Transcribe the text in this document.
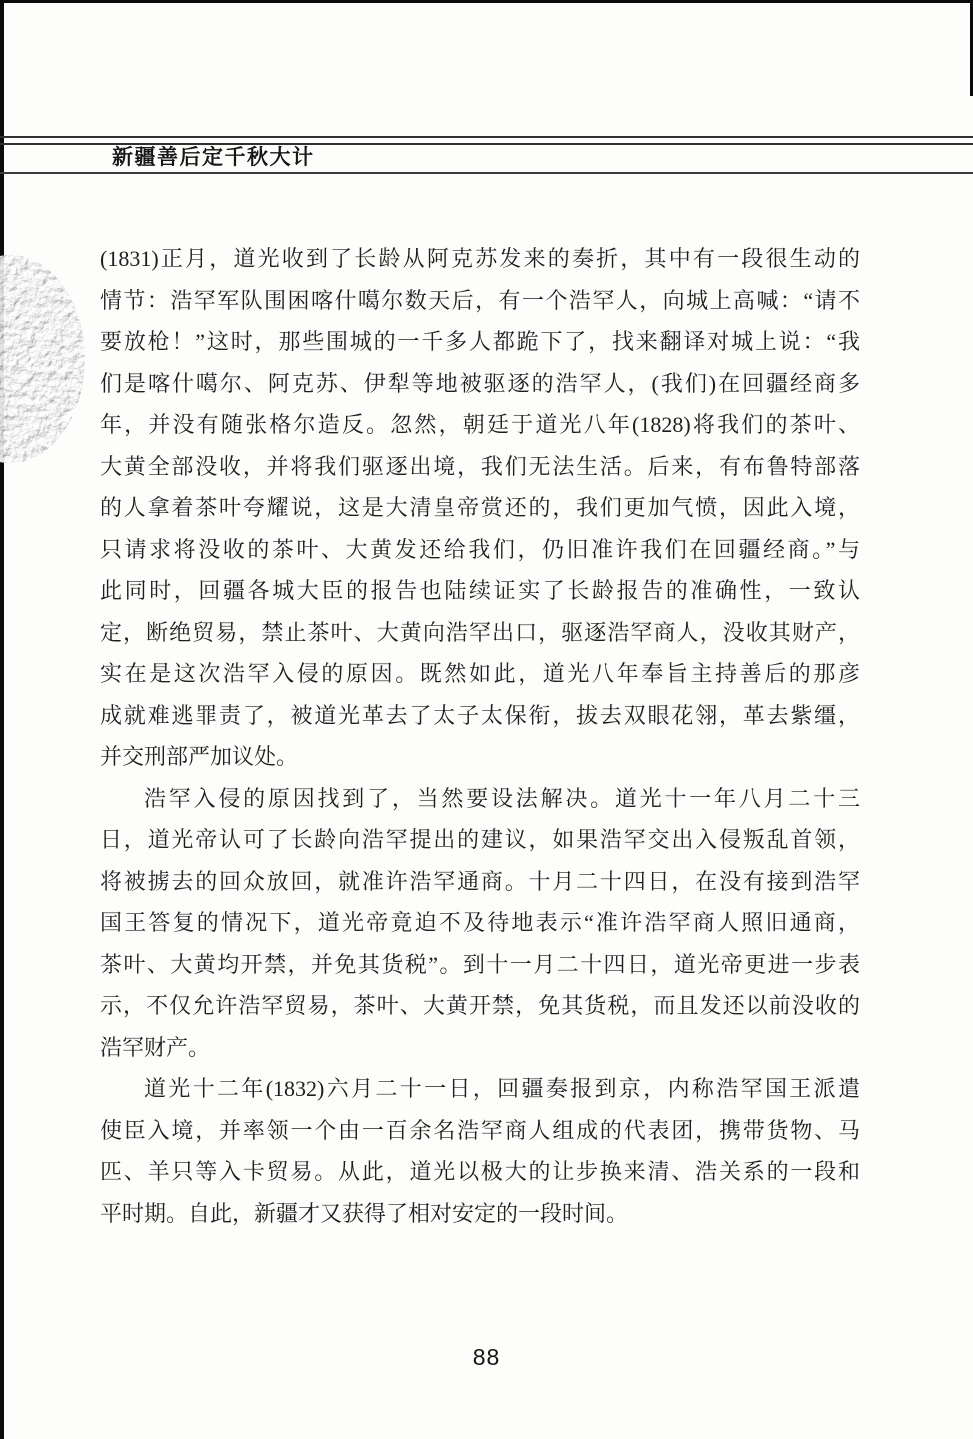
新疆善后定千秋大计
(1831)正月，道光收到了长龄从阿克苏发来的奏折，其中有一段很生动的
情节：浩罕军队围困喀什噶尔数天后，有一个浩罕人，向城上高喊：“请不
要放枪！”这时，那些围城的一千多人都跪下了，找来翻译对城上说：“我
们是喀什噶尔、阿克苏、伊犁等地被驱逐的浩罕人，(我们)在回疆经商多
年，并没有随张格尔造反。忽然，朝廷于道光八年(1828)将我们的茶叶、
大黄全部没收，并将我们驱逐出境，我们无法生活。后来，有布鲁特部落
的人拿着茶叶夸耀说，这是大清皇帝赏还的，我们更加气愤，因此入境，
只请求将没收的茶叶、大黄发还给我们，仍旧准许我们在回疆经商。”与
此同时，回疆各城大臣的报告也陆续证实了长龄报告的准确性，一致认
定，断绝贸易，禁止茶叶、大黄向浩罕出口，驱逐浩罕商人，没收其财产，
实在是这次浩罕入侵的原因。既然如此，道光八年奉旨主持善后的那彦
成就难逃罪责了，被道光革去了太子太保衔，拔去双眼花翎，革去紫缰，
并交刑部严加议处。
浩罕入侵的原因找到了，当然要设法解决。道光十一年八月二十三
日，道光帝认可了长龄向浩罕提出的建议，如果浩罕交出入侵叛乱首领，
将被掳去的回众放回，就准许浩罕通商。十月二十四日，在没有接到浩罕
国王答复的情况下，道光帝竟迫不及待地表示“准许浩罕商人照旧通商，
茶叶、大黄均开禁，并免其货税”。到十一月二十四日，道光帝更进一步表
示，不仅允许浩罕贸易，茶叶、大黄开禁，免其货税，而且发还以前没收的
浩罕财产。
道光十二年(1832)六月二十一日，回疆奏报到京，内称浩罕国王派遣
使臣入境，并率领一个由一百余名浩罕商人组成的代表团，携带货物、马
匹、羊只等入卡贸易。从此，道光以极大的让步换来清、浩关系的一段和
平时期。自此，新疆才又获得了相对安定的一段时间。
88
